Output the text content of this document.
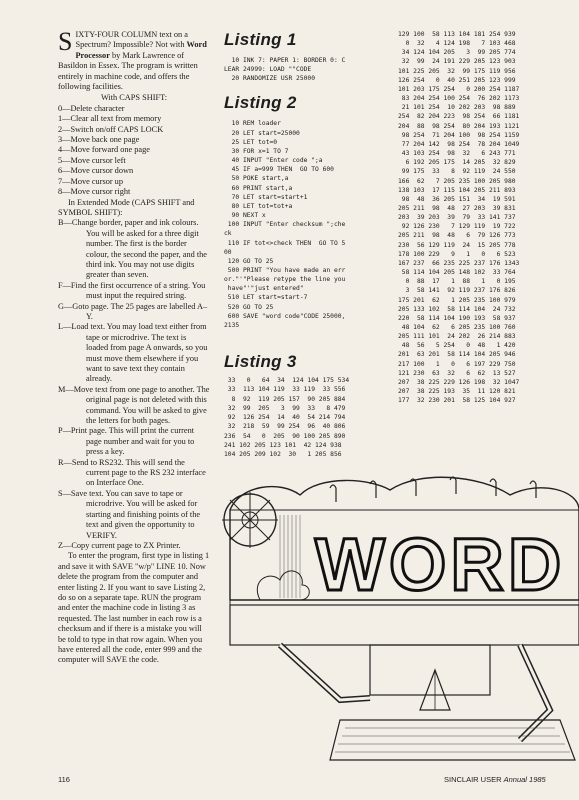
SIXTY-FOUR COLUMN text on a Spectrum? Impossible? Not with Word Processor by Mark Lawrence of Basildon in Essex. The program is written entirely in machine code, and offers the following facilities.

With CAPS SHIFT:

0—Delete character

1—Clear all text from memory

2—Switch on/off CAPS LOCK

3—Move back one page

4—Move forward one page

5—Move cursor left

6—Move cursor down

7—Move cursor up

8—Move cursor right

In Extended Mode (CAPS SHIFT and SYMBOL SHIFT):

B—Change border, paper and ink colours. You will be asked for a three digit number. The first is the border colour, the second the paper, and the third ink. You may not use digits greater than seven.

F—Find the first occurrence of a string. You must input the required string.

G—Goto page. The 25 pages are labelled A–Y.

L—Load text. You may load text either from tape or microdrive. The text is loaded from page A onwards, so you must move them elsewhere if you want to save text they contain already.

M—Move text from one page to another. The original page is not deleted with this command. You will be asked to give the letters for both pages.

P—Print page. This will print the current page number and wait for you to press a key.

R—Send to RS232. This will send the current page to the RS 232 interface on Interface One.

S—Save text. You can save to tape or microdrive. You will be asked for starting and finishing points of the text and given the opportunity to VERIFY.

Z—Copy current page to ZX Printer.

To enter the program, first type in listing 1 and save it with SAVE "w/p" LINE 10. Now delete the program from the computer and enter listing 2. If you want to save Listing 2, do so on a separate tape. RUN the program and enter the machine code in listing 3 as requested. The last number in each row is a checksum and if there is a mistake you will be told to type in that row again. When you have entered all the code, enter 999 and the computer will SAVE the code.

Listing 1

10 INK 7: PAPER 1: BORDER 0: C

LEAR 24999: LOAD ""CODE

20 RANDOMIZE USR 25000

Listing 2

10 REM loader

20 LET start=25000

25 LET tot=0

30 FOR x=1 TO 7

40 INPUT "Enter code ";a

45 IF a=999 THEN  GO TO 600

50 POKE start,a

60 PRINT start,a

70 LET start=start+1

80 LET tot=tot+a

90 NEXT x

100 INPUT "Enter checksum ";che

ck

110 IF tot<>check THEN  GO TO 5

00

120 GO TO 25

500 PRINT "You have made an err

or."'"Please retype the line you

have"'"just entered"

510 LET start=start-7

520 GO TO 25

600 SAVE "word code"CODE 25000,

2135

129 100  58 113 104 181 254 939

0  32   4 124 198   7 103 468

34 124 104 205   3  99 205 774

32  99  24 191 229 205 123 903

101 225 205  32  99 175 119 956

126 254   0  40 251 205 123 999

101 203 175 254   0 200 254 1187

83 204 254 100 254  76 202 1173

21 101 254  10 202 203  98 889

254  82 204 223  98 254  66 1181

204  88  98 254  80 204 193 1121

98 254  71 204 100  98 254 1159

77 204 142  98 254  78 204 1049

43 103 254  98  32   6 243 771

6 192 205 175  14 205  32 829

99 175  33   8  92 119  24 550

166  62   7 205 235 100 205 980

138 103  17 115 104 205 211 893

98  48  36 205 151  34  19 591

205 211  98  48  27 203  39 831

203  39 203  39  79  33 141 737

92 126 230   7 129 119  19 722

205 211  98  48   6  79 126 773

230  56 129 119  24  15 205 778

178 100 229   9   1   0   6 523

167 237  66 235 225 237 176 1343

58 114 104 205 148 102  33 764

0  88  17   1  88   1   0 195

3  58 141  92 119 237 176 826

175 201  62   1 205 235 100 979

205 133 102  58 114 104  24 732

220  58 114 104 190 193  58 937

48 104  62   6 205 235 100 760

205 111 101  24 202  26 214 883

48  56   5 254   0  48   1 420

201  63 201  58 114 104 205 946

217 100   1   0   6 197 229 750

121 230  63  32   6  62  13 527

207  38 225 229 126 198  32 1047

207  38 225 193  35  11 120 821

177  32 230 201  58 125 104 927

Listing 3

33   0   64  34  124 104 175 534

33  113 104 119  33 119  33 556

8  92  119 205 157  90 205 884

32  99  205   3  99  33   8 479

92  126 254  14  40  54 214 794

32  218  59  99 254  96  40 806

236  54   0  205  90 100 205 890

241 102 205 123 101  42 124 938

104 205 209 102  30   1 205 856

WORD
116	SINCLAIR USER Annual 1985
